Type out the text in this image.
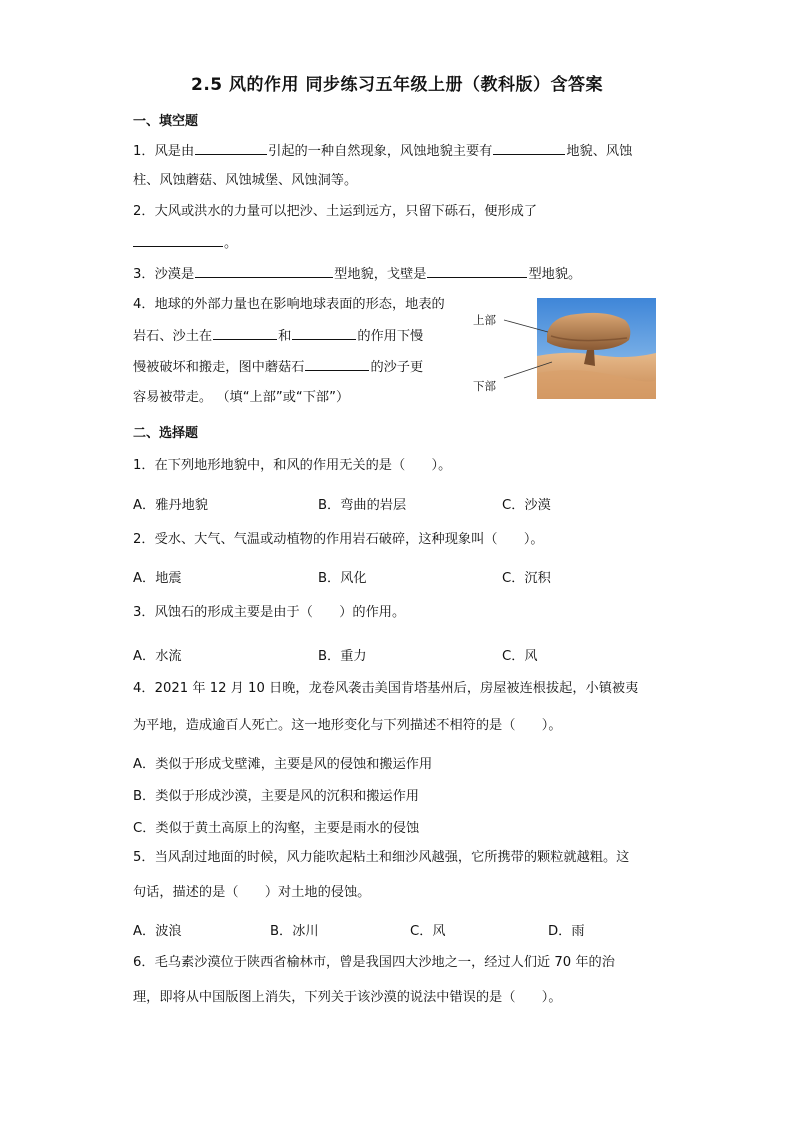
2.5 风的作用 同步练习五年级上册（教科版）含答案
一、填空题
1．风是由	引起的一种自然现象，风蚀地貌主要有	地貌、风蚀
柱、风蚀蘑菇、风蚀城堡、风蚀洞等。
2．大风或洪水的力量可以把沙、土运到远方，只留下砾石，便形成了
。
3．沙漠是	型地貌，戈壁是	型地貌。
4．地球的外部力量也在影响地球表面的形态，地表的
岩石、沙土在	和	的作用下慢
慢被破坏和搬走，图中蘑菇石	的沙子更
容易被带走。 （填“上部”或“下部”）
上部
下部
二、选择题
1．在下列地形地貌中，和风的作用无关的是（　　）。
A．雅丹地貌	B．弯曲的岩层	C．沙漠
2．受水、大气、气温或动植物的作用岩石破碎，这种现象叫（　　）。
A．地震	B．风化	C．沉积
3．风蚀石的形成主要是由于（　　）的作用。
A．水流	B．重力	C．风
4．2021 年 12 月 10 日晚，龙卷风袭击美国肯塔基州后，房屋被连根拔起，小镇被夷
为平地，造成逾百人死亡。这一地形变化与下列描述不相符的是（　　）。
A．类似于形成戈壁滩，主要是风的侵蚀和搬运作用
B．类似于形成沙漠，主要是风的沉积和搬运作用
C．类似于黄土高原上的沟壑，主要是雨水的侵蚀
5．当风刮过地面的时候，风力能吹起粘土和细沙风越强，它所携带的颗粒就越粗。这
句话，描述的是（　　）对土地的侵蚀。
A．波浪	B．冰川	C．风	D．雨
6．毛乌素沙漠位于陕西省榆林市，曾是我国四大沙地之一，经过人们近 70 年的治
理，即将从中国版图上消失，下列关于该沙漠的说法中错误的是（　　）。
